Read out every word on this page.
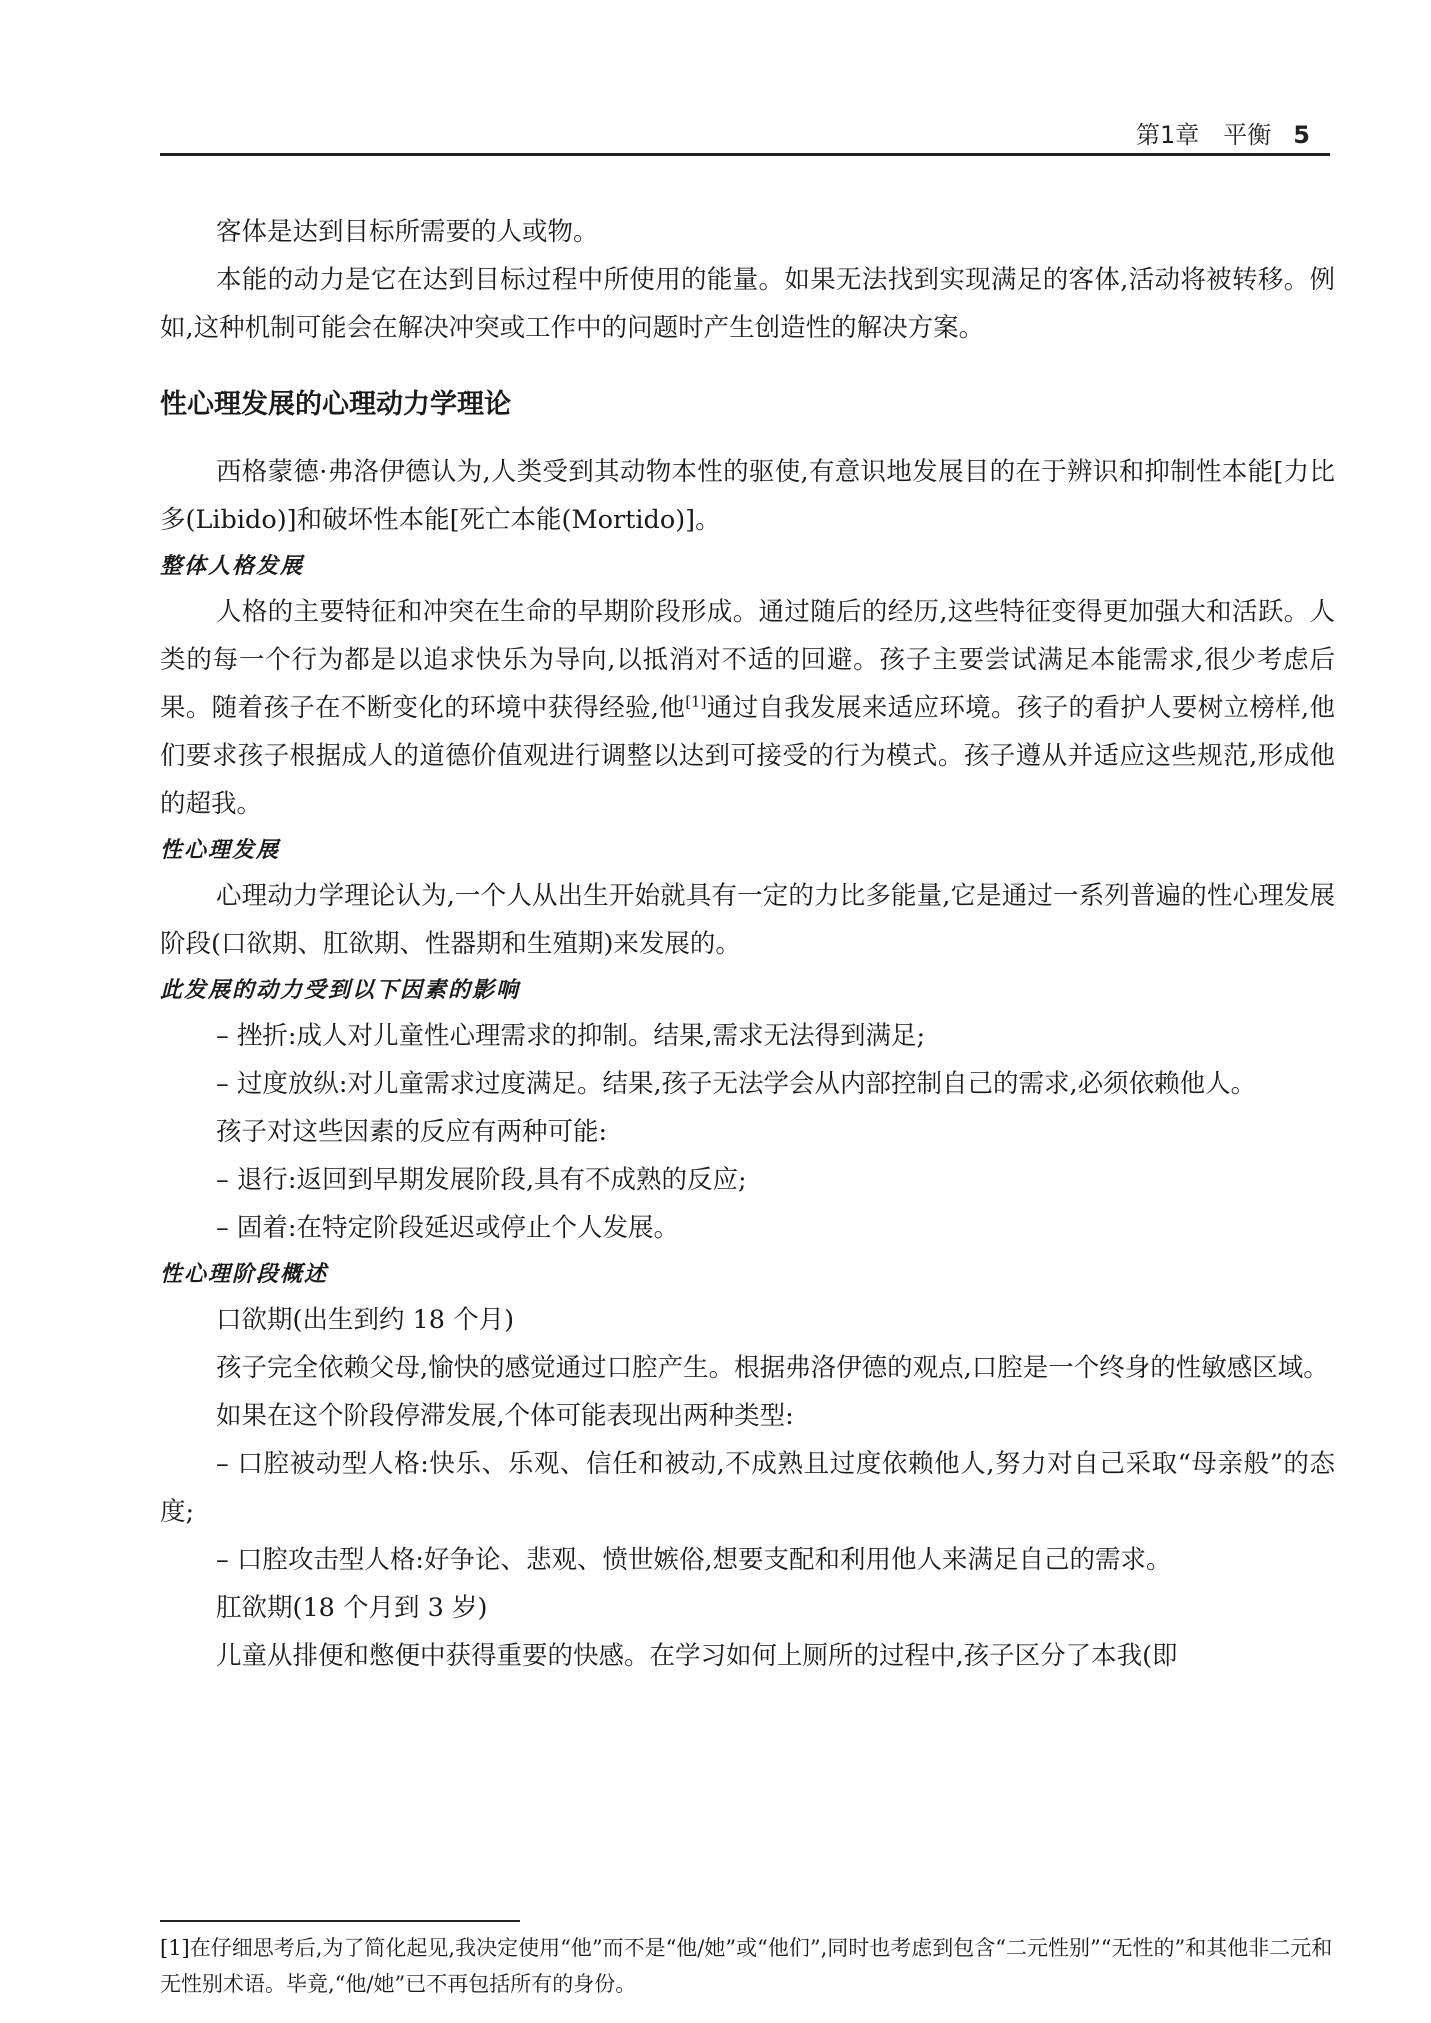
第1章　平衡 5

客体是达到目标所需要的人或物。

本能的动力是它在达到目标过程中所使用的能量。如果无法找到实现满足的客体,活动将被转移。例如,这种机制可能会在解决冲突或工作中的问题时产生创造性的解决方案。

性心理发展的心理动力学理论

西格蒙德·弗洛伊德认为,人类受到其动物本性的驱使,有意识地发展目的在于辨识和抑制性本能[力比多(Libido)]和破坏性本能[死亡本能(Mortido)]。

整体人格发展

人格的主要特征和冲突在生命的早期阶段形成。通过随后的经历,这些特征变得更加强大和活跃。人类的每一个行为都是以追求快乐为导向,以抵消对不适的回避。孩子主要尝试满足本能需求,很少考虑后果。随着孩子在不断变化的环境中获得经验,他[1]通过自我发展来适应环境。孩子的看护人要树立榜样,他们要求孩子根据成人的道德价值观进行调整以达到可接受的行为模式。孩子遵从并适应这些规范,形成他的超我。

性心理发展

心理动力学理论认为,一个人从出生开始就具有一定的力比多能量,它是通过一系列普遍的性心理发展阶段(口欲期、肛欲期、性器期和生殖期)来发展的。

此发展的动力受到以下因素的影响

– 挫折:成人对儿童性心理需求的抑制。结果,需求无法得到满足;

– 过度放纵:对儿童需求过度满足。结果,孩子无法学会从内部控制自己的需求,必须依赖他人。

孩子对这些因素的反应有两种可能:

– 退行:返回到早期发展阶段,具有不成熟的反应;

– 固着:在特定阶段延迟或停止个人发展。

性心理阶段概述

口欲期(出生到约 18 个月)

孩子完全依赖父母,愉快的感觉通过口腔产生。根据弗洛伊德的观点,口腔是一个终身的性敏感区域。

如果在这个阶段停滞发展,个体可能表现出两种类型:

– 口腔被动型人格:快乐、乐观、信任和被动,不成熟且过度依赖他人,努力对自己采取“母亲般”的态度;

– 口腔攻击型人格:好争论、悲观、愤世嫉俗,想要支配和利用他人来满足自己的需求。

肛欲期(18 个月到 3 岁)

儿童从排便和憋便中获得重要的快感。在学习如何上厕所的过程中,孩子区分了本我(即

[1]在仔细思考后,为了简化起见,我决定使用“他”而不是“他/她”或“他们”,同时也考虑到包含“二元性别”“无性的”和其他非二元和无性别术语。毕竟,“他/她”已不再包括所有的身份。
